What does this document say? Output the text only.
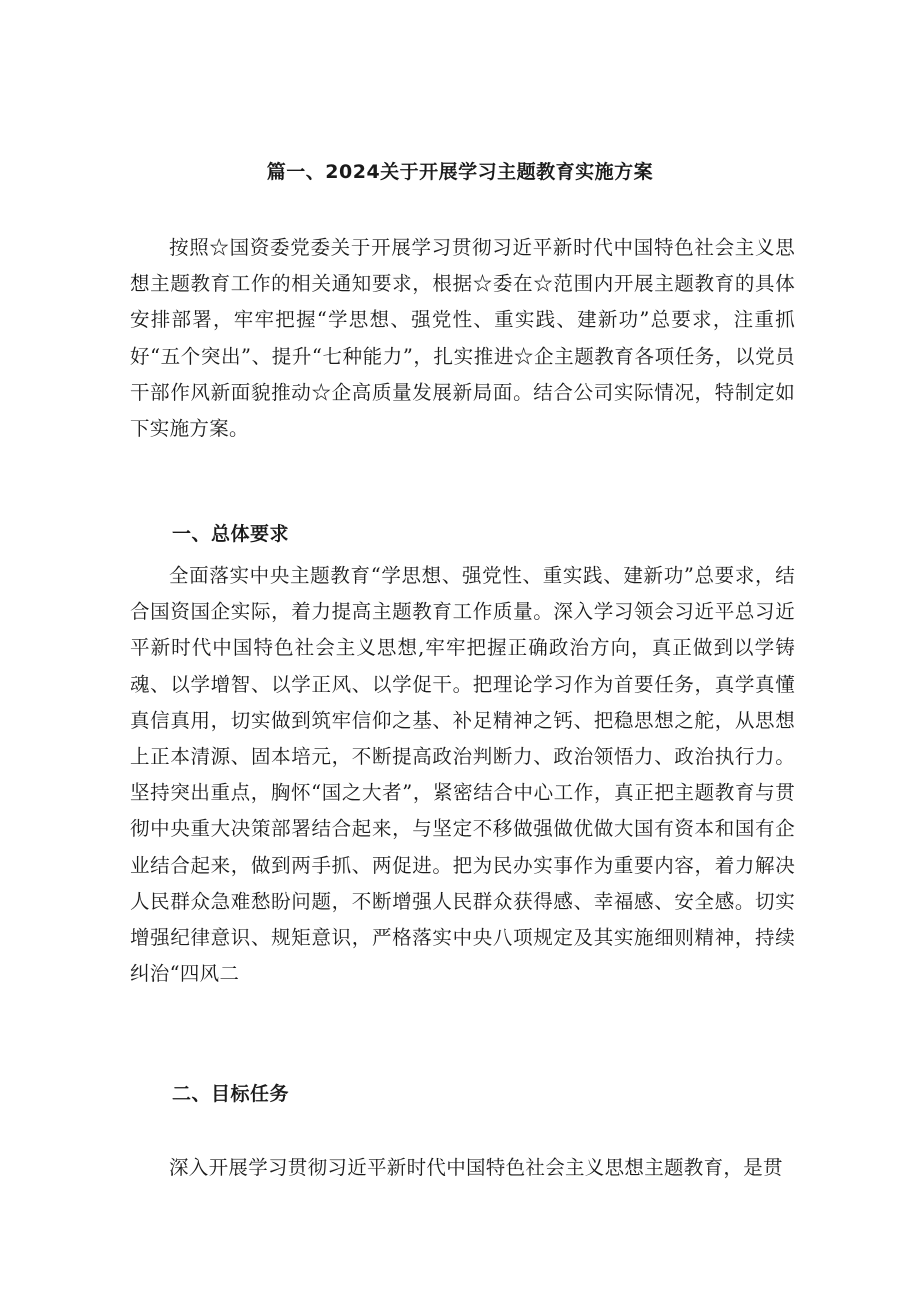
篇一、2024关于开展学习主题教育实施方案

按照☆国资委党委关于开展学习贯彻习近平新时代中国特色社会主义思想主题教育工作的相关通知要求，根据☆委在☆范围内开展主题教育的具体安排部署，牢牢把握“学思想、强党性、重实践、建新功”总要求，注重抓好“五个突出”、提升“七种能力”，扎实推进☆企主题教育各项任务，以党员干部作风新面貌推动☆企高质量发展新局面。结合公司实际情况，特制定如下实施方案。

一、总体要求

全面落实中央主题教育“学思想、强党性、重实践、建新功”总要求，结合国资国企实际，着力提高主题教育工作质量。深入学习领会习近平总习近平新时代中国特色社会主义思想,牢牢把握正确政治方向，真正做到以学铸魂、以学增智、以学正风、以学促干。把理论学习作为首要任务，真学真懂真信真用，切实做到筑牢信仰之基、补足精神之钙、把稳思想之舵，从思想上正本清源、固本培元，不断提高政治判断力、政治领悟力、政治执行力。坚持突出重点，胸怀“国之大者”，紧密结合中心工作，真正把主题教育与贯彻中央重大决策部署结合起来，与坚定不移做强做优做大国有资本和国有企业结合起来，做到两手抓、两促进。把为民办实事作为重要内容，着力解决人民群众急难愁盼问题，不断增强人民群众获得感、幸福感、安全感。切实增强纪律意识、规矩意识，严格落实中央八项规定及其实施细则精神，持续纠治“四风二

二、目标任务

深入开展学习贯彻习近平新时代中国特色社会主义思想主题教育，是贯
